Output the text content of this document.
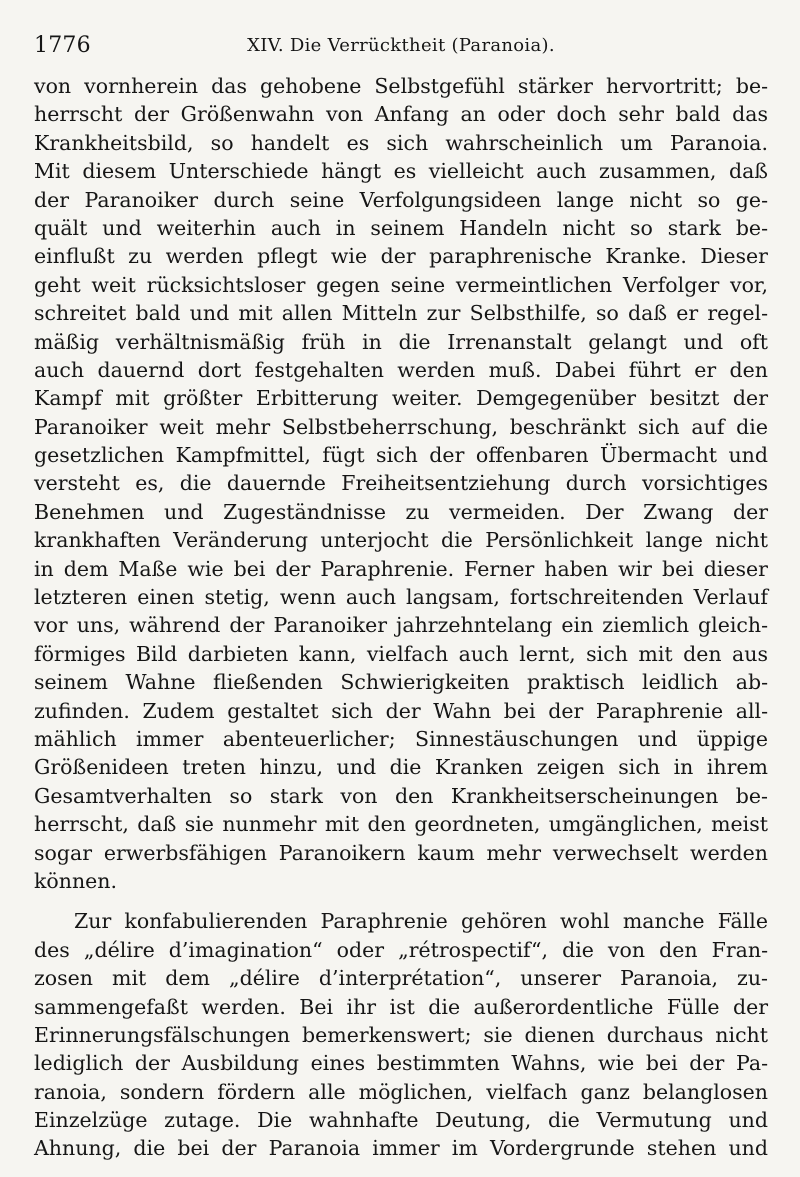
1776	XIV. Die Verrücktheit (Paranoia).
von vornherein das gehobene Selbstgefühl stärker hervortritt; be-
herrscht der Größenwahn von Anfang an oder doch sehr bald das
Krankheitsbild, so handelt es sich wahrscheinlich um Paranoia.
Mit diesem Unterschiede hängt es vielleicht auch zusammen, daß
der Paranoiker durch seine Verfolgungsideen lange nicht so ge-
quält und weiterhin auch in seinem Handeln nicht so stark be-
einflußt zu werden pflegt wie der paraphrenische Kranke. Dieser
geht weit rücksichtsloser gegen seine vermeintlichen Verfolger vor,
schreitet bald und mit allen Mitteln zur Selbsthilfe, so daß er regel-
mäßig verhältnismäßig früh in die Irrenanstalt gelangt und oft
auch dauernd dort festgehalten werden muß. Dabei führt er den
Kampf mit größter Erbitterung weiter. Demgegenüber besitzt der
Paranoiker weit mehr Selbstbeherrschung, beschränkt sich auf die
gesetzlichen Kampfmittel, fügt sich der offenbaren Übermacht und
versteht es, die dauernde Freiheitsentziehung durch vorsichtiges
Benehmen und Zugeständnisse zu vermeiden. Der Zwang der
krankhaften Veränderung unterjocht die Persönlichkeit lange nicht
in dem Maße wie bei der Paraphrenie. Ferner haben wir bei dieser
letzteren einen stetig, wenn auch langsam, fortschreitenden Verlauf
vor uns, während der Paranoiker jahrzehntelang ein ziemlich gleich-
förmiges Bild darbieten kann, vielfach auch lernt, sich mit den aus
seinem Wahne fließenden Schwierigkeiten praktisch leidlich ab-
zufinden. Zudem gestaltet sich der Wahn bei der Paraphrenie all-
mählich immer abenteuerlicher; Sinnestäuschungen und üppige
Größenideen treten hinzu, und die Kranken zeigen sich in ihrem
Gesamtverhalten so stark von den Krankheitserscheinungen be-
herrscht, daß sie nunmehr mit den geordneten, umgänglichen, meist
sogar erwerbsfähigen Paranoikern kaum mehr verwechselt werden
können.
Zur konfabulierenden Paraphrenie gehören wohl manche Fälle
des „délire d’imagination“ oder „rétrospectif“, die von den Fran-
zosen mit dem „délire d’interprétation“, unserer Paranoia, zu-
sammengefaßt werden. Bei ihr ist die außerordentliche Fülle der
Erinnerungsfälschungen bemerkenswert; sie dienen durchaus nicht
lediglich der Ausbildung eines bestimmten Wahns, wie bei der Pa-
ranoia, sondern fördern alle möglichen, vielfach ganz belanglosen
Einzelzüge zutage. Die wahnhafte Deutung, die Vermutung und
Ahnung, die bei der Paranoia immer im Vordergrunde stehen und
